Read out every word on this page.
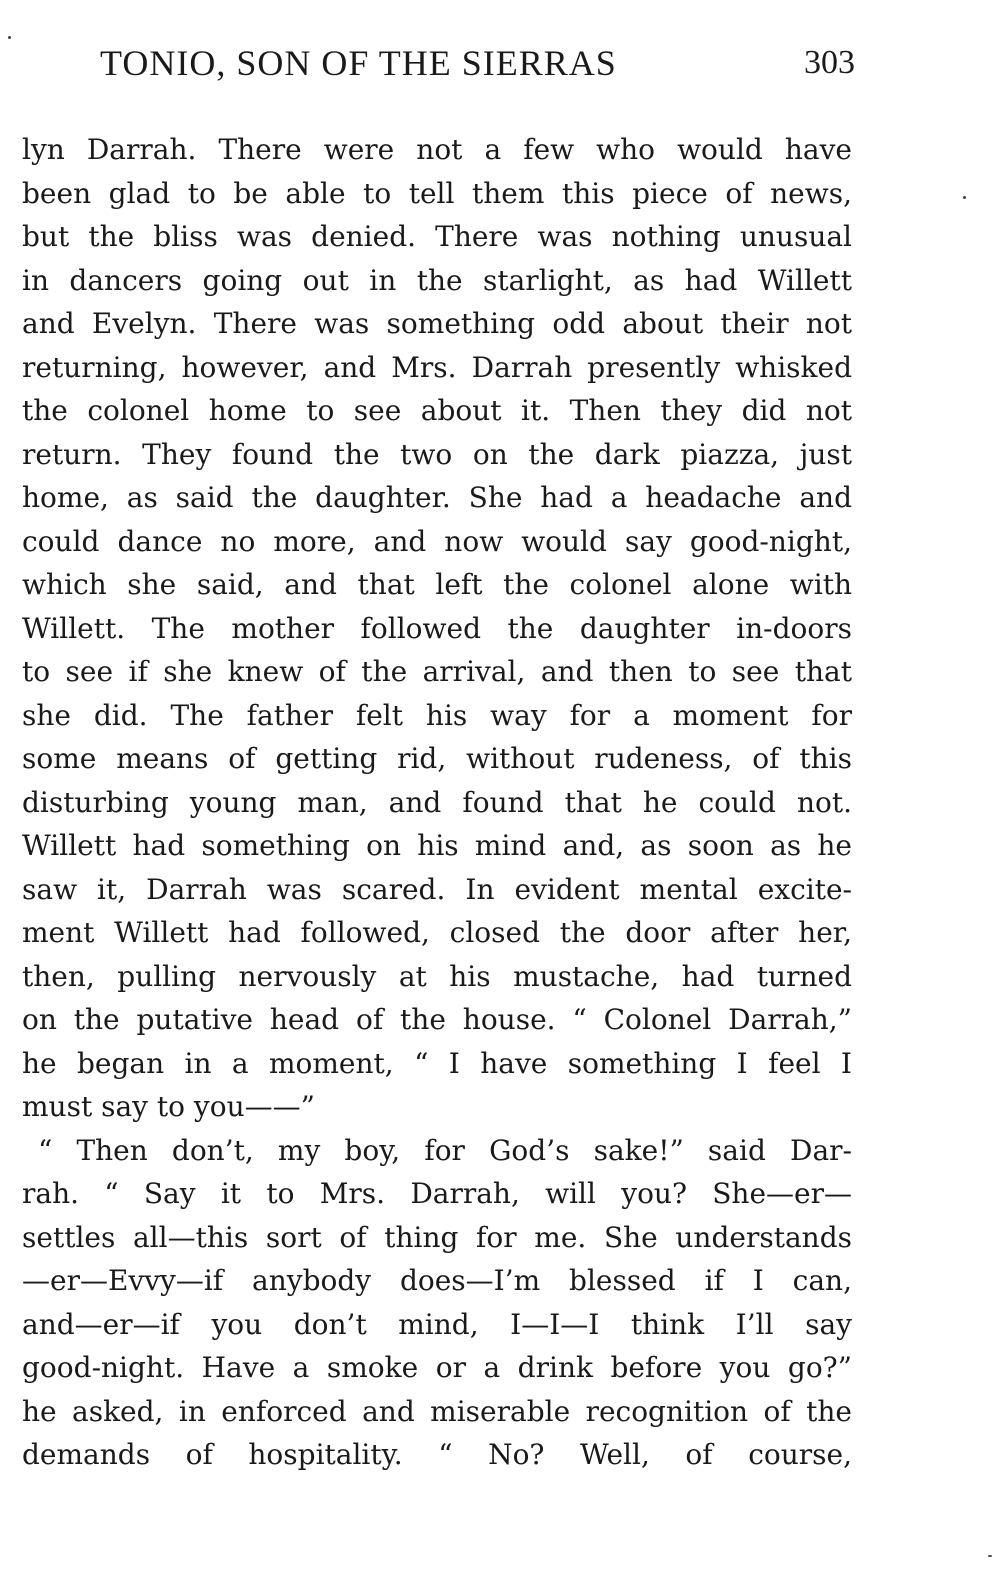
TONIO, SON OF THE SIERRAS	303
lyn Darrah. There were not a few who would have
been glad to be able to tell them this piece of news,
but the bliss was denied. There was nothing unusual
in dancers going out in the starlight, as had Willett
and Evelyn. There was something odd about their not
returning, however, and Mrs. Darrah presently whisked
the colonel home to see about it. Then they did not
return. They found the two on the dark piazza, just
home, as said the daughter. She had a headache and
could dance no more, and now would say good-night,
which she said, and that left the colonel alone with
Willett. The mother followed the daughter in-doors
to see if she knew of the arrival, and then to see that
she did. The father felt his way for a moment for
some means of getting rid, without rudeness, of this
disturbing young man, and found that he could not.
Willett had something on his mind and, as soon as he
saw it, Darrah was scared. In evident mental excite-
ment Willett had followed, closed the door after her,
then, pulling nervously at his mustache, had turned
on the putative head of the house. “ Colonel Darrah,”
he began in a moment, “ I have something I feel I
must say to you——”
“ Then don’t, my boy, for God’s sake!” said Dar-
rah. “ Say it to Mrs. Darrah, will you? She—er—
settles all—this sort of thing for me. She understands
—er—Evvy—if anybody does—I’m blessed if I can,
and—er—if you don’t mind, I—I—I think I’ll say
good-night. Have a smoke or a drink before you go?”
he asked, in enforced and miserable recognition of the
demands of hospitality. “ No? Well, of course,
